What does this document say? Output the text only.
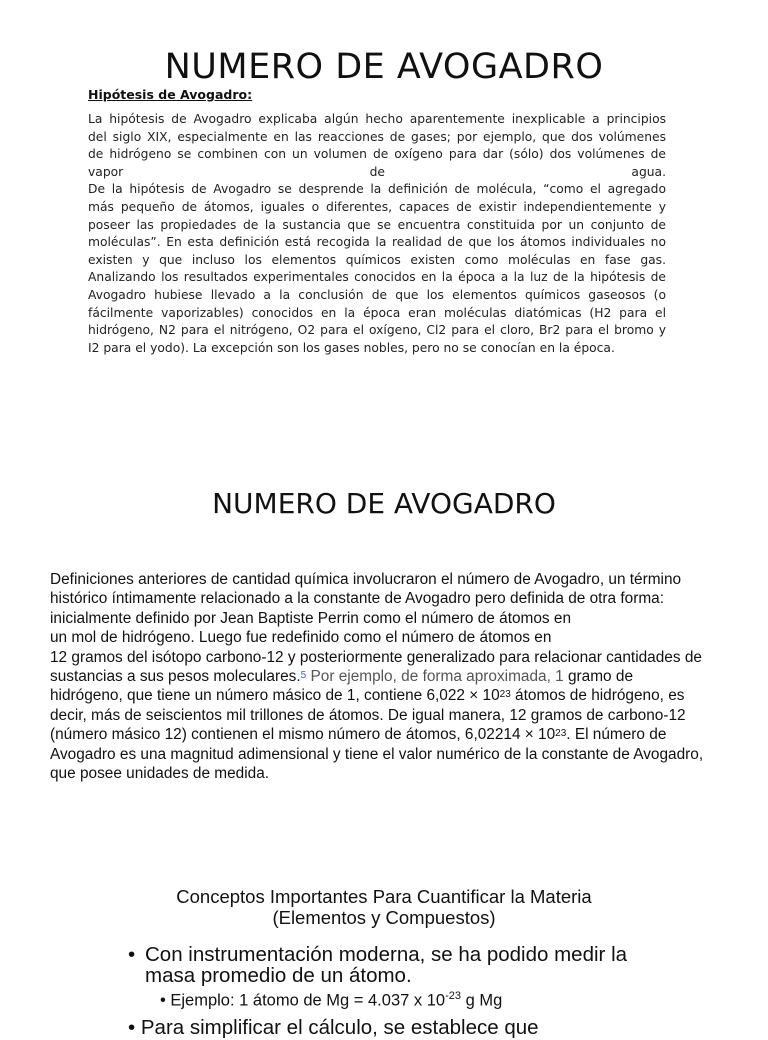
NUMERO DE AVOGADRO
Hipótesis de Avogadro:

La hipótesis de Avogadro explicaba algún hecho aparentemente inexplicable a principios

del siglo XIX, especialmente en las reacciones de gases; por ejemplo, que dos volúmenes

de hidrógeno se combinen con un volumen de oxígeno para dar (sólo) dos volúmenes de

vapor de agua.

De la hipótesis de Avogadro se desprende la definición de molécula, “como el agregado

más pequeño de átomos, iguales o diferentes, capaces de existir independientemente y

poseer las propiedades de la sustancia que se encuentra constituida por un conjunto de

moléculas”. En esta definición está recogida la realidad de que los átomos individuales no

existen y que incluso los elementos químicos existen como moléculas en fase gas.

Analizando los resultados experimentales conocidos en la época a la luz de la hipótesis de

Avogadro hubiese llevado a la conclusión de que los elementos químicos gaseosos (o

fácilmente vaporizables) conocidos en la época eran moléculas diatómicas (H2 para el

hidrógeno, N2 para el nitrógeno, O2 para el oxígeno, Cl2 para el cloro, Br2 para el bromo y

I2 para el yodo). La excepción son los gases nobles, pero no se conocían en la época.

NUMERO DE AVOGADRO
Definiciones anteriores de cantidad química involucraron el número de Avogadro, un término histórico íntimamente relacionado a la constante de Avogadro pero definida de otra forma: inicialmente definido por Jean Baptiste Perrin como el número de átomos en
un mol de hidrógeno. Luego fue redefinido como el número de átomos en
12 gramos del isótopo carbono-12 y posteriormente generalizado para relacionar cantidades de sustancias a sus pesos moleculares.$^5$ Por ejemplo, de forma aproximada, 1 gramo de hidrógeno, que tiene un número másico de 1, contiene $6,022 \times 10^{23}$ átomos de hidrógeno, es decir, más de seiscientos mil trillones de átomos. De igual manera, 12 gramos de carbono-12 (número másico 12) contienen el mismo número de átomos, $6,02214 \times 10^{23}$. El número de Avogadro es una magnitud adimensional y tiene el valor numérico de la constante de Avogadro, que posee unidades de medida.
Conceptos Importantes Para Cuantificar la Materia
(Elementos y Compuestos)
• Con instrumentación moderna, se ha podido medir la masa promedio de un átomo.
• Ejemplo: 1 átomo de Mg = 4.037 x $10^{-23}$ g Mg
• Para simplificar el cálculo, se establece que
